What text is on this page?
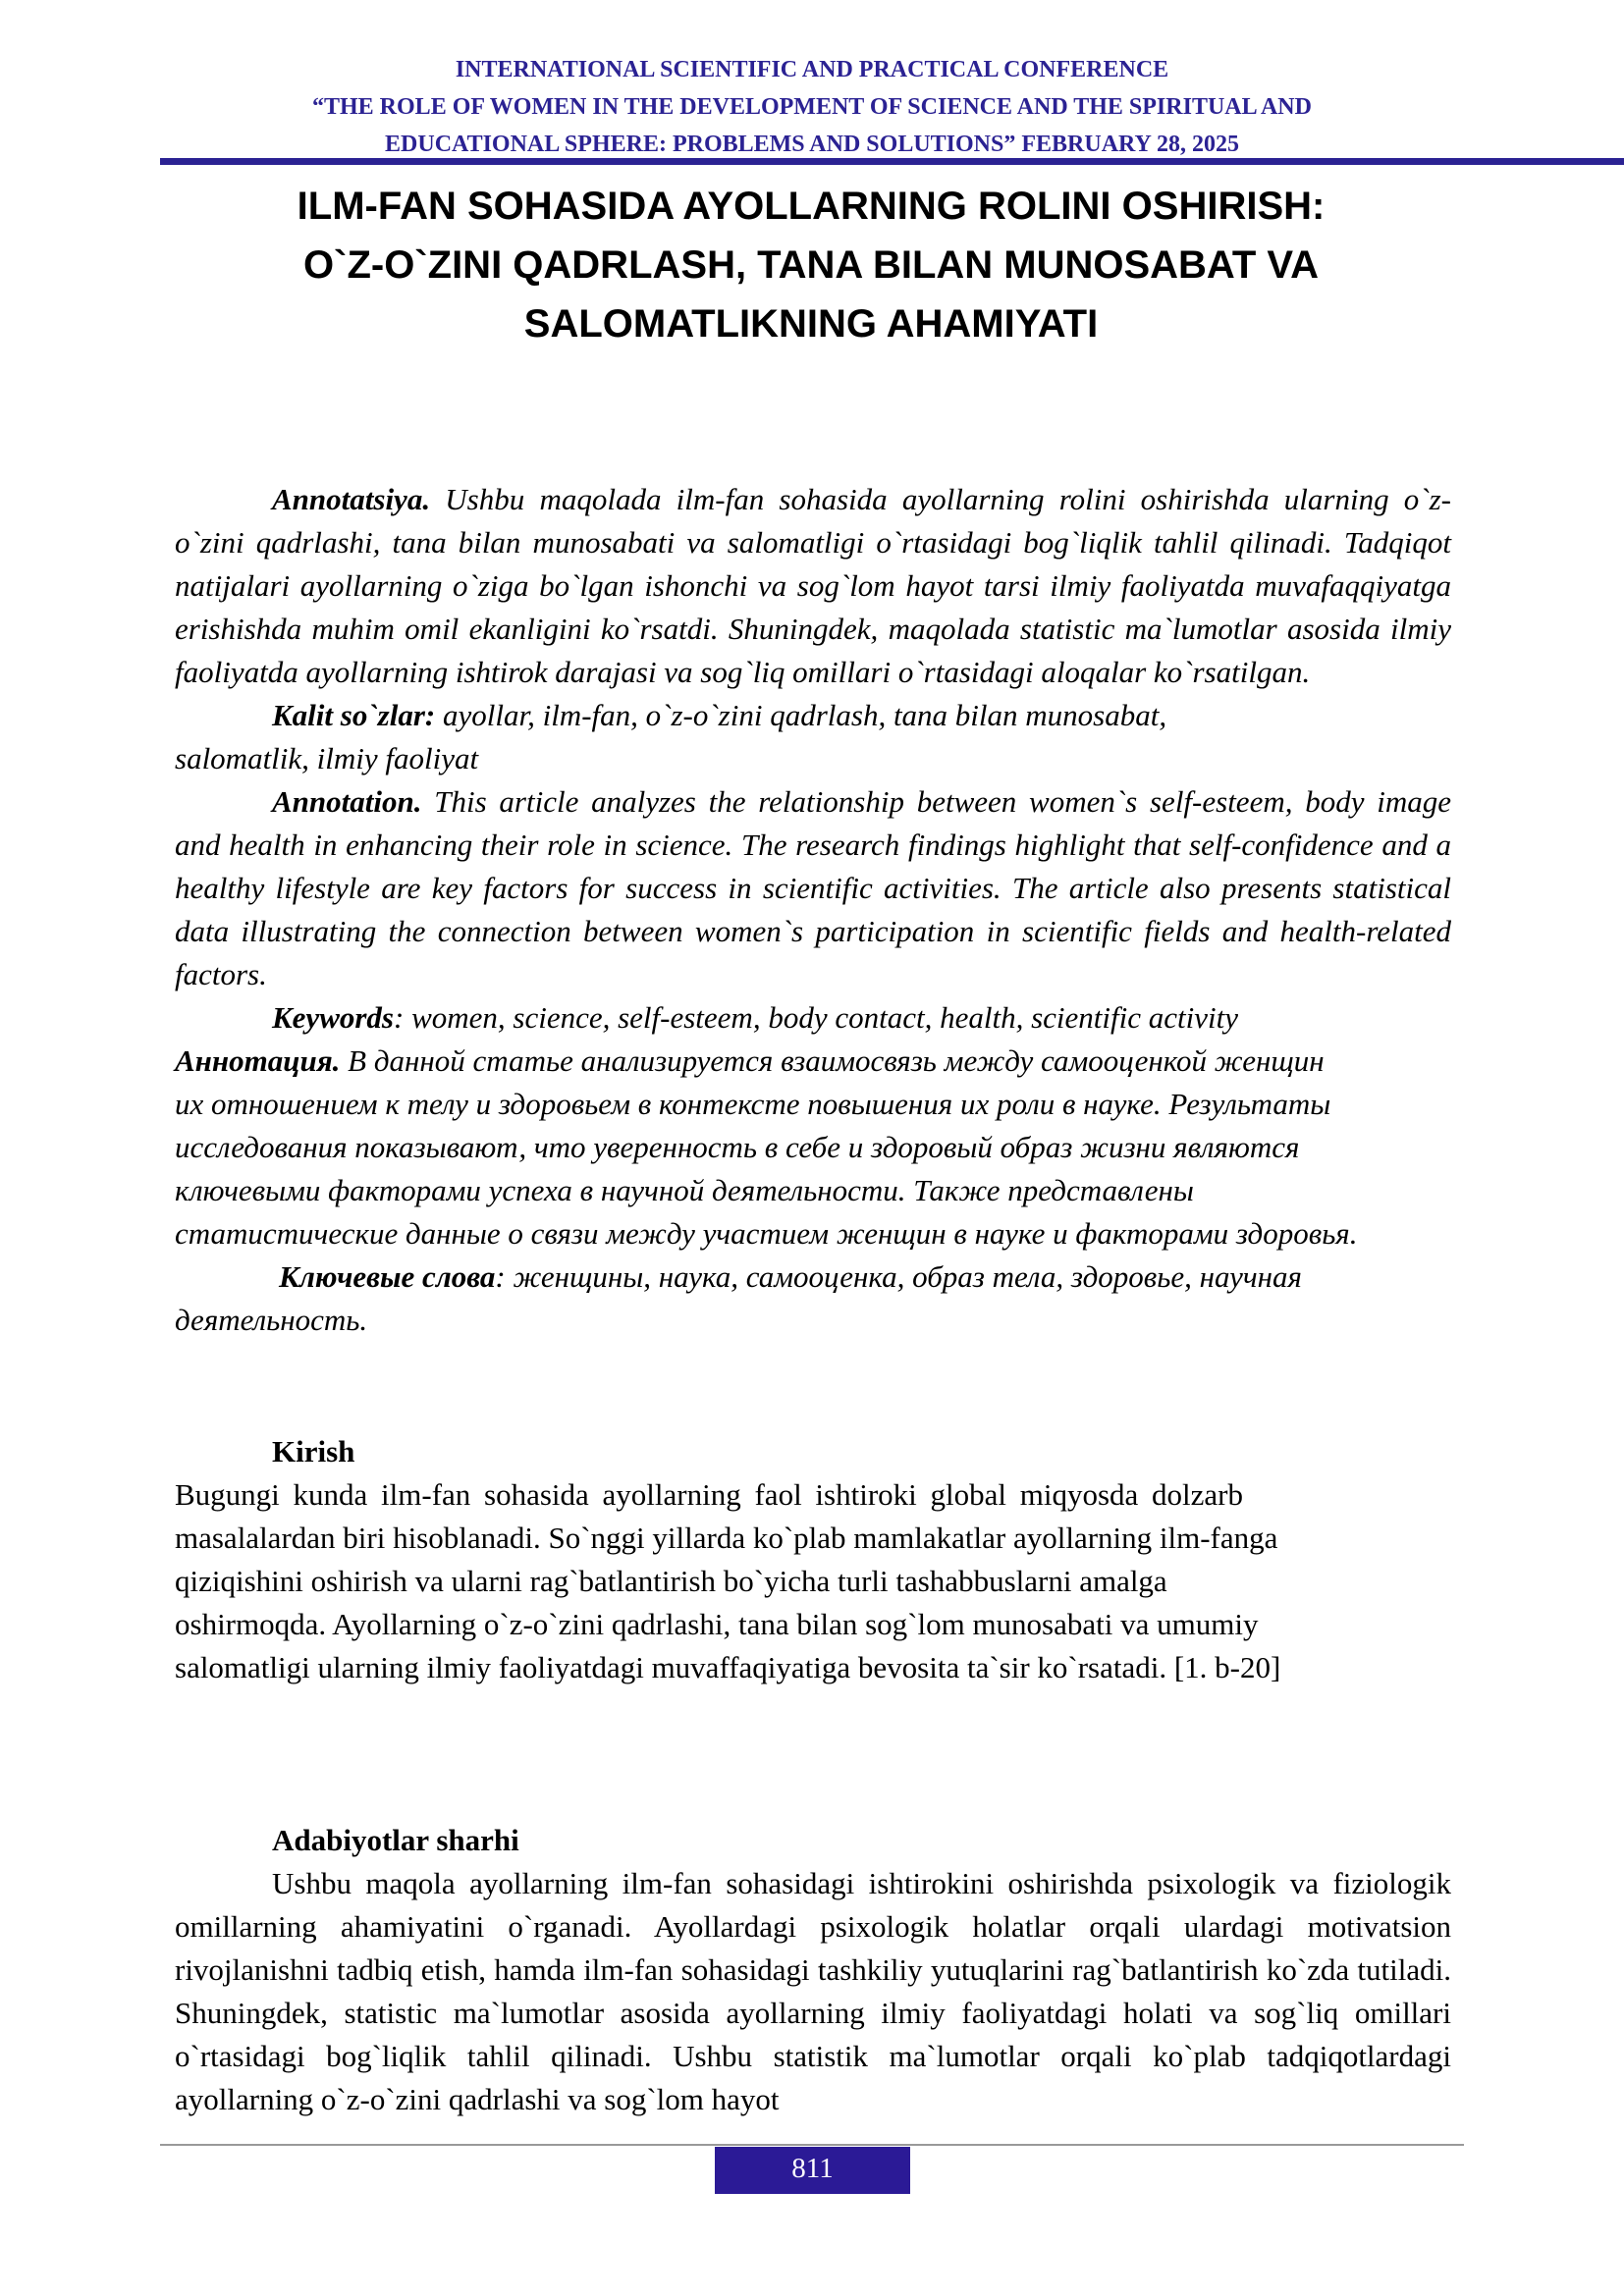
INTERNATIONAL SCIENTIFIC AND PRACTICAL CONFERENCE
“THE ROLE OF WOMEN IN THE DEVELOPMENT OF SCIENCE AND THE SPIRITUAL AND
EDUCATIONAL SPHERE: PROBLEMS AND SOLUTIONS” FEBRUARY 28, 2025
ILM-FAN SOHASIDA AYOLLARNING ROLINI OSHIRISH:
O`Z-O`ZINI QADRLASH, TANA BILAN MUNOSABAT VA
SALOMATLIKNING AHAMIYATI

Annotatsiya. Ushbu maqolada ilm-fan sohasida ayollarning rolini oshirishda ularning o`z-o`zini qadrlashi, tana bilan munosabati va salomatligi o`rtasidagi bog`liqlik tahlil qilinadi. Tadqiqot natijalari ayollarning o`ziga bo`lgan ishonchi va sog`lom hayot tarsi ilmiy faoliyatda muvafaqqiyatga erishishda muhim omil ekanligini ko`rsatdi. Shuningdek, maqolada statistic ma`lumotlar asosida ilmiy faoliyatda ayollarning ishtirok darajasi va sog`liq omillari o`rtasidagi aloqalar ko`rsatilgan.

Kalit so`zlar: ayollar, ilm-fan, o`z-o`zini qadrlash, tana bilan munosabat,

salomatlik, ilmiy faoliyat

Annotation. This article analyzes the relationship between women`s self-esteem, body image and health in enhancing their role in science. The research findings highlight that self-confidence and a healthy lifestyle are key factors for success in scientific activities. The article also presents statistical data illustrating the connection between women`s participation in scientific fields and health-related factors.

Keywords: women, science, self-esteem, body contact, health, scientific activity

Аннотация. В данной статье анализируется взаимосвязь между самооценкой женщин
их отношением к телу и здоровьем в контексте повышения их роли в науке. Результаты
исследования показывают, что уверенность в себе и здоровый образ жизни являются
ключевыми факторами успеха в научной деятельности. Также представлены
статистические данные о связи между участием женщин в науке и факторами здоровья.
Ключевые слова: женщины, наука, самооценка, образ тела, здоровье, научная
деятельность.

Kirish

Bugungi kunda ilm-fan sohasida ayollarning faol ishtiroki global miqyosda dolzarb
masalalardan biri hisoblanadi. So`nggi yillarda ko`plab mamlakatlar ayollarning ilm-fanga
qiziqishini oshirish va ularni rag`batlantirish bo`yicha turli tashabbuslarni amalga
oshirmoqda. Ayollarning o`z-o`zini qadrlashi, tana bilan sog`lom munosabati va umumiy
salomatligi ularning ilmiy faoliyatdagi muvaffaqiyatiga bevosita ta`sir ko`rsatadi. [1. b-20]

Adabiyotlar sharhi

Ushbu maqola ayollarning ilm-fan sohasidagi ishtirokini oshirishda psixologik va fiziologik omillarning ahamiyatini o`rganadi. Ayollardagi psixologik holatlar orqali ulardagi motivatsion rivojlanishni tadbiq etish, hamda ilm-fan sohasidagi tashkiliy yutuqlarini rag`batlantirish ko`zda tutiladi. Shuningdek, statistic ma`lumotlar asosida ayollarning ilmiy faoliyatdagi holati va sog`liq omillari o`rtasidagi bog`liqlik tahlil qilinadi. Ushbu statistik ma`lumotlar orqali ko`plab tadqiqotlardagi ayollarning o`z-o`zini qadrlashi va sog`lom hayot

811
